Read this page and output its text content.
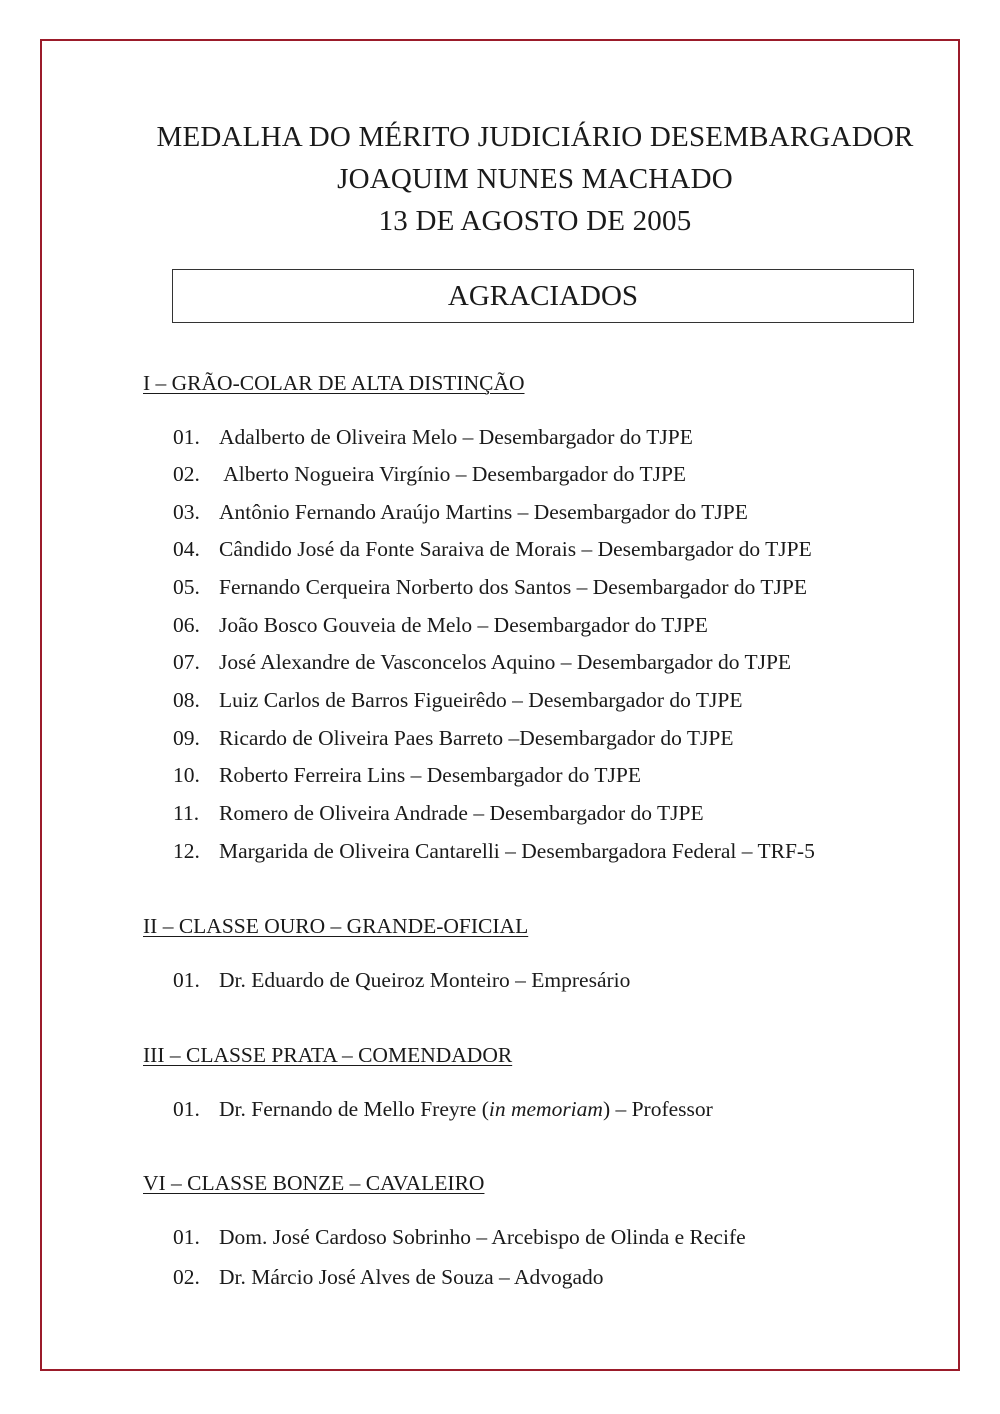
MEDALHA DO MÉRITO JUDICIÁRIO DESEMBARGADOR
JOAQUIM NUNES MACHADO
13 DE AGOSTO DE 2005
AGRACIADOS
I – GRÃO-COLAR DE ALTA DISTINÇÃO
01. Adalberto de Oliveira Melo – Desembargador do TJPE
02. Alberto Nogueira Virgínio – Desembargador do TJPE
03. Antônio Fernando Araújo Martins – Desembargador do TJPE
04. Cândido José da Fonte Saraiva de Morais – Desembargador do TJPE
05. Fernando Cerqueira Norberto dos Santos – Desembargador do TJPE
06. João Bosco Gouveia de Melo – Desembargador do TJPE
07. José Alexandre de Vasconcelos Aquino – Desembargador do TJPE
08. Luiz Carlos de Barros Figueirêdo – Desembargador do TJPE
09. Ricardo de Oliveira Paes Barreto –Desembargador do TJPE
10. Roberto Ferreira Lins – Desembargador do TJPE
11. Romero de Oliveira Andrade – Desembargador do TJPE
12. Margarida de Oliveira Cantarelli – Desembargadora Federal – TRF-5
II – CLASSE OURO – GRANDE-OFICIAL
01. Dr. Eduardo de Queiroz Monteiro – Empresário
III – CLASSE PRATA – COMENDADOR
01. Dr. Fernando de Mello Freyre (in memoriam) – Professor
VI – CLASSE BONZE – CAVALEIRO
01. Dom. José Cardoso Sobrinho – Arcebispo de Olinda e Recife
02. Dr. Márcio José Alves de Souza – Advogado
